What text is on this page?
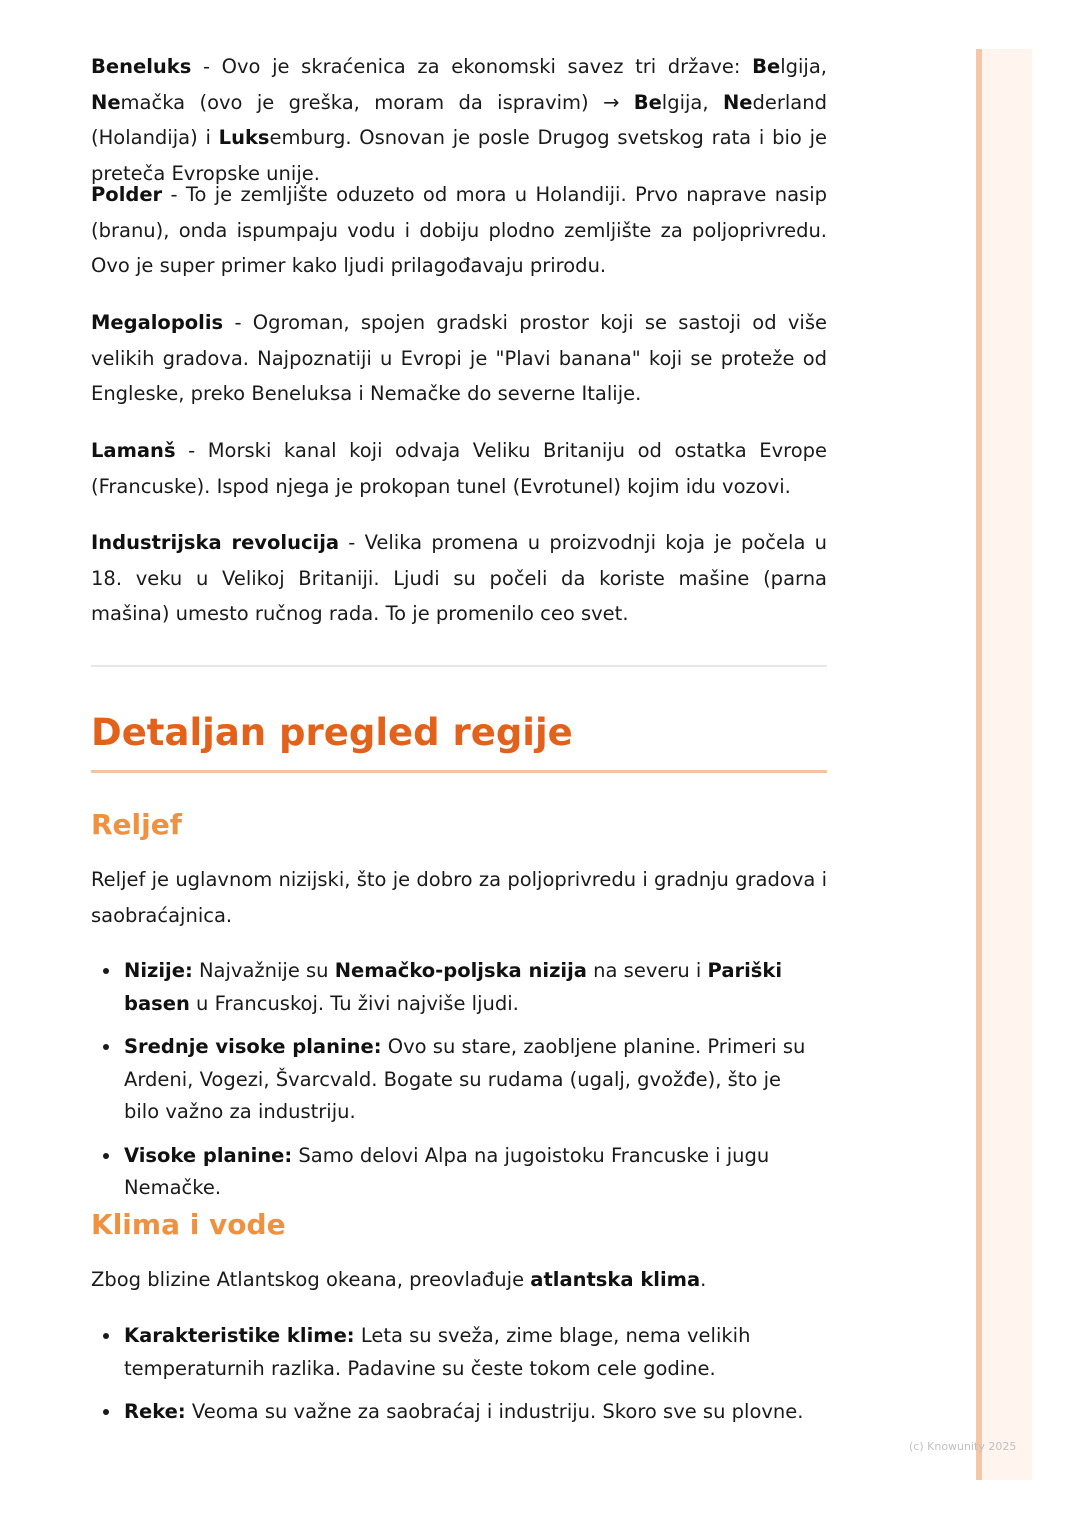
Beneluks - Ovo je skraćenica za ekonomski savez tri države: Belgija, Nemačka (ovo je greška, moram da ispravim) → Belgija, Nederland (Holandija) i Luksemburg. Osnovan je posle Drugog svetskog rata i bio je preteča Evropske unije.

Polder - To je zemljište oduzeto od mora u Holandiji. Prvo naprave nasip (branu), onda ispumpaju vodu i dobiju plodno zemljište za poljoprivredu. Ovo je super primer kako ljudi prilagođavaju prirodu.

Megalopolis - Ogroman, spojen gradski prostor koji se sastoji od više velikih gradova. Najpoznatiji u Evropi je "Plavi banana" koji se proteže od Engleske, preko Beneluksa i Nemačke do severne Italije.

Lamanš - Morski kanal koji odvaja Veliku Britaniju od ostatka Evrope (Francuske). Ispod njega je prokopan tunel (Evrotunel) kojim idu vozovi.

Industrijska revolucija - Velika promena u proizvodnji koja je počela u 18. veku u Velikoj Britaniji. Ljudi su počeli da koriste mašine (parna mašina) umesto ručnog rada. To je promenilo ceo svet.

Detaljan pregled regije
Reljef

Reljef je uglavnom nizijski, što je dobro za poljoprivredu i gradnju gradova i saobraćajnica.

Nizije: Najvažnije su Nemačko-poljska nizija na severu i Pariški basen u Francuskoj. Tu živi najviše ljudi.
Srednje visoke planine: Ovo su stare, zaobljene planine. Primeri su Ardeni, Vogezi, Švarcvald. Bogate su rudama (ugalj, gvožđe), što je bilo važno za industriju.
Visoke planine: Samo delovi Alpa na jugoistoku Francuske i jugu Nemačke.
Klima i vode

Zbog blizine Atlantskog okeana, preovlađuje atlantska klima.

Karakteristike klime: Leta su sveža, zime blage, nema velikih temperaturnih razlika. Padavine su česte tokom cele godine.
Reke: Veoma su važne za saobraćaj i industriju. Skoro sve su plovne.
(c) Knowunity 2025
